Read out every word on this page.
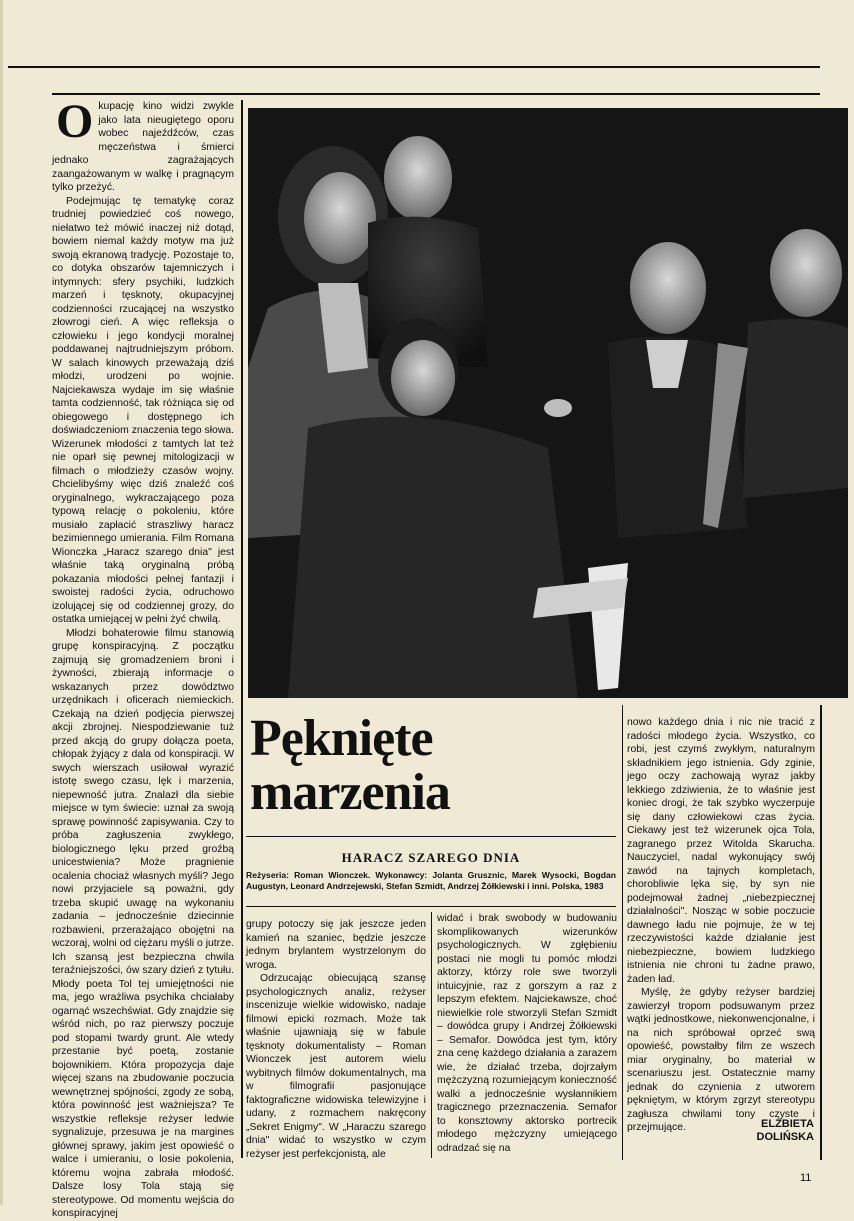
O kupację kino widzi zwykle jako lata nieugiętego oporu wobec najeźdźców, czas męczeństwa i śmierci jednako zagrażających zaangażowanym w walkę i pragnącym tylko przeżyć.

Podejmując tę tematykę coraz trudniej powiedzieć coś nowego, niełatwo też mówić inaczej niż dotąd, bowiem niemal każdy motyw ma już swoją ekranową tradycję. Pozostaje to, co dotyka obszarów tajemniczych i intymnych: sfery psychiki, ludzkich marzeń i tęsknoty, okupacyjnej codzienności rzucającej na wszystko złowrogi cień. A więc refleksja o człowieku i jego kondycji moralnej poddawanej najtrudniejszym próbom. W salach kinowych przeważają dziś młodzi, urodzeni po wojnie. Najciekawsza wydaje im się właśnie tamta codzienność, tak różniąca się od obiegowego i dostępnego ich doświadczeniom znaczenia tego słowa. Wizerunek młodości z tamtych lat też nie oparł się pewnej mitologizacji w filmach o młodzieży czasów wojny. Chcielibyśmy więc dziś znaleźć coś oryginalnego, wykraczającego poza typową relację o pokoleniu, które musiało zapłacić straszliwy haracz bezimiennego umierania. Film Romana Wionczka „Haracz szarego dnia" jest właśnie taką oryginalną próbą pokazania młodości pełnej fantazji i swoistej radości życia, odruchowo izolującej się od codziennej grozy, do ostatka umiejącej w pełni żyć chwilą.

Młodzi bohaterowie filmu stanowią grupę konspiracyjną. Z początku zajmują się gromadzeniem broni i żywności, zbierają informacje o wskazanych przez dowództwo urzędnikach i oficerach niemieckich. Czekają na dzień podjęcia pierwszej akcji zbrojnej. Niespodziewanie tuż przed akcją do grupy dołącza poeta, chłopak żyjący z dala od konspiracji. W swych wierszach usiłował wyrazić istotę swego czasu, lęk i marzenia, niepewność jutra. Znalazł dla siebie miejsce w tym świecie: uznał za swoją sprawę powinność zapisywania. Czy to próba zagłuszenia zwykłego, biologicznego lęku przed groźbą unicestwienia? Może pragnienie ocalenia chociaż własnych myśli? Jego nowi przyjaciele są poważni, gdy trzeba skupić uwagę na wykonaniu zadania – jednocześnie dziecinnie rozbawieni, przerażająco obojętni na wczoraj, wolni od ciężaru myśli o jutrze. Ich szansą jest bezpieczna chwila teraźniejszości, ów szary dzień z tytułu. Młody poeta Tol tej umiejętności nie ma, jego wrażliwa psychika chciałaby ogarnąć wszechświat. Gdy znajdzie się wśród nich, po raz pierwszy poczuje pod stopami twardy grunt. Ale wtedy przestanie być poetą, zostanie bojownikiem. Która propozycja daje więcej szans na zbudowanie poczucia wewnętrznej spójności, zgody ze sobą, która powinność jest ważniejsza? Te wszystkie refleksje reżyser ledwie sygnalizuje, przesuwa je na margines głównej sprawy, jakim jest opowieść o walce i umieraniu, o losie pokolenia, któremu wojna zabrała młodość. Dalsze losy Tola stają się stereotypowe. Od momentu wejścia do konspiracyjnej

Pęknięte
marzenia
HARACZ SZAREGO DNIA
Reżyseria: Roman Wionczek. Wykonawcy: Jolanta Grusznic, Marek Wysocki, Bogdan Augustyn, Leonard Andrzejewski, Stefan Szmidt, Andrzej Żółkiewski i inni. Polska, 1983

grupy potoczy się jak jeszcze jeden kamień na szaniec, będzie jeszcze jednym brylantem wystrzelonym do wroga.

Odrzucając obiecującą szansę psychologicznych analiz, reżyser inscenizuje wielkie widowisko, nadaje filmowi epicki rozmach. Może tak właśnie ujawniają się w fabule tęsknoty dokumentalisty – Roman Wionczek jest autorem wielu wybitnych filmów dokumentalnych, ma w filmografii pasjonujące faktograficzne widowiska telewizyjne i udany, z rozmachem nakręcony „Sekret Enigmy". W „Haraczu szarego dnia" widać to wszystko w czym reżyser jest perfekcjonistą, ale

widać i brak swobody w budowaniu skomplikowanych wizerunków psychologicznych. W zgłębieniu postaci nie mogli tu pomóc młodzi aktorzy, którzy role swe tworzyli intuicyjnie, raz z gorszym a raz z lepszym efektem. Najciekawsze, choć niewielkie role stworzyli Stefan Szmidt – dowódca grupy i Andrzej Żółkiewski – Semafor. Dowódca jest tym, który zna cenę każdego działania a zarazem wie, że działać trzeba, dojrzałym mężczyzną rozumiejącym konieczność walki a jednocześnie wysłannikiem tragicznego przeznaczenia. Semafor to konsztowny aktorsko portrecik młodego mężczyzny umiejącego odradzać się na

nowo każdego dnia i nic nie tracić z radości młodego życia. Wszystko, co robi, jest czymś zwykłym, naturalnym składnikiem jego istnienia. Gdy zginie, jego oczy zachowają wyraz jakby lekkiego zdziwienia, że to właśnie jest koniec drogi, że tak szybko wyczerpuje się dany człowiekowi czas życia. Ciekawy jest też wizerunek ojca Tola, zagranego przez Witolda Skarucha. Nauczyciel, nadal wykonujący swój zawód na tajnych kompletach, chorobliwie lęka się, by syn nie podejmował żadnej „niebezpiecznej działalności". Nosząc w sobie poczucie dawnego ładu nie pojmuje, że w tej rzeczywistości każde działanie jest niebezpieczne, bowiem ludzkiego istnienia nie chroni tu żadne prawo, żaden ład.

Myślę, że gdyby reżyser bardziej zawierzył tropom podsuwanym przez wątki jednostkowe, niekonwencjonalne, i na nich spróbował oprzeć swą opowieść, powstałby film ze wszech miar oryginalny, bo materiał w scenariuszu jest. Ostatecznie mamy jednak do czynienia z utworem pękniętym, w którym zgrzyt stereotypu zagłusza chwilami tony czyste i przejmujące.	ELŻBIETA
DOLIŃSKA
11
